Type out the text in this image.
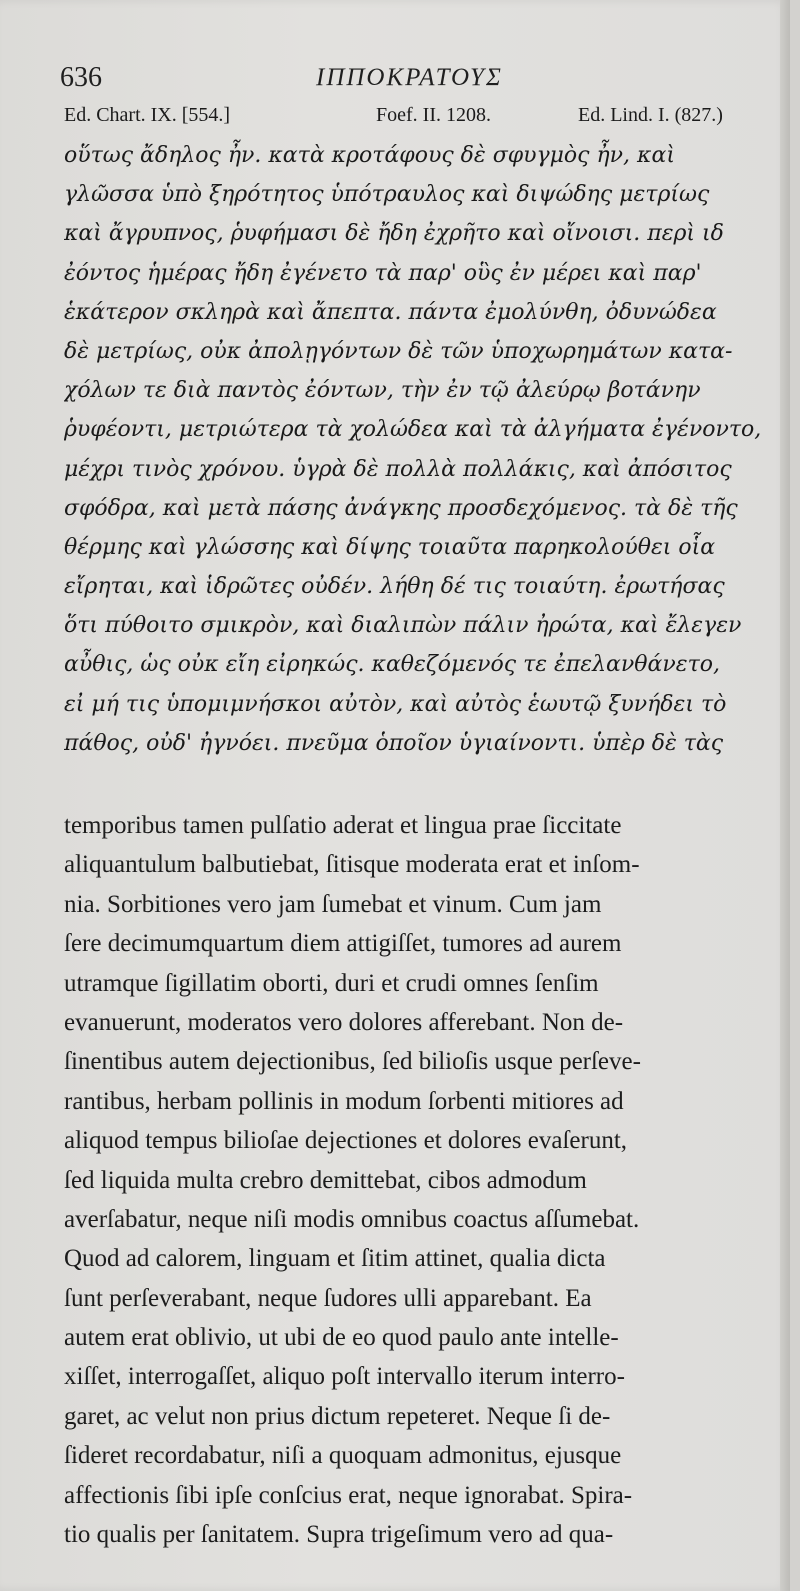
636	ΙΠΠΟΚΡΑΤΟΥΣ
Ed. Chart. IX. [554.]	Foef. II. 1208.	Ed. Lind. I. (827.)
οὕτως ἄδηλος ἦν. κατὰ κροτάφους δὲ σφυγμὸς ἦν, καὶ
γλῶσσα ὑπὸ ξηρότητος ὑπότραυλος καὶ διψώδης μετρίως
καὶ ἄγρυπνος, ῥυφήμασι δὲ ἤδη ἐχρῆτο καὶ οἴνοισι. περὶ ιδ
ἐόντος ἡμέρας ἤδη ἐγένετο τὰ παρ' οὓς ἐν μέρει καὶ παρ'
ἑκάτερον σκληρὰ καὶ ἄπεπτα. πάντα ἐμολύνθη, ὀδυνώδεα
δὲ μετρίως, οὐκ ἀπολῃγόντων δὲ τῶν ὑποχωρημάτων κατα-
χόλων τε διὰ παντὸς ἐόντων, τὴν ἐν τῷ ἀλεύρῳ βοτάνην
ῥυφέοντι, μετριώτερα τὰ χολώδεα καὶ τὰ ἀλγήματα ἐγένοντο,
μέχρι τινὸς χρόνου. ὑγρὰ δὲ πολλὰ πολλάκις, καὶ ἀπόσιτος
σφόδρα, καὶ μετὰ πάσης ἀνάγκης προσδεχόμενος. τὰ δὲ τῆς
θέρμης καὶ γλώσσης καὶ δίψης τοιαῦτα παρηκολούθει οἷα
εἴρηται, καὶ ἱδρῶτες οὐδέν. λήθη δέ τις τοιαύτη. ἐρωτήσας
ὅτι πύθοιτο σμικρὸν, καὶ διαλιπὼν πάλιν ἠρώτα, καὶ ἔλεγεν
αὖθις, ὡς οὐκ εἴη εἰρηκώς. καθεζόμενός τε ἐπελανθάνετο,
εἰ μή τις ὑπομιμνήσκοι αὐτὸν, καὶ αὐτὸς ἑωυτῷ ξυνήδει τὸ
πάθος, οὐδ' ἠγνόει. πνεῦμα ὁποῖον ὑγιαίνοντι. ὑπὲρ δὲ τὰς
temporibus tamen pulſatio aderat et lingua prae ſiccitate
aliquantulum balbutiebat, ſitisque moderata erat et inſom-
nia. Sorbitiones vero jam ſumebat et vinum. Cum jam
ſere decimumquartum diem attigiſſet, tumores ad aurem
utramque ſigillatim oborti, duri et crudi omnes ſenſim
evanuerunt, moderatos vero dolores afferebant. Non de-
ſinentibus autem dejectionibus, ſed bilioſis usque perſeve-
rantibus, herbam pollinis in modum ſorbenti mitiores ad
aliquod tempus bilioſae dejectiones et dolores evaſerunt,
ſed liquida multa crebro demittebat, cibos admodum
averſabatur, neque niſi modis omnibus coactus aſſumebat.
Quod ad calorem, linguam et ſitim attinet, qualia dicta
ſunt perſeverabant, neque ſudores ulli apparebant. Ea
autem erat oblivio, ut ubi de eo quod paulo ante intelle-
xiſſet, interrogaſſet, aliquo poſt intervallo iterum interro-
garet, ac velut non prius dictum repeteret. Neque ſi de-
ſideret recordabatur, niſi a quoquam admonitus, ejusque
affectionis ſibi ipſe conſcius erat, neque ignorabat. Spira-
tio qualis per ſanitatem. Supra trigeſimum vero ad qua-
